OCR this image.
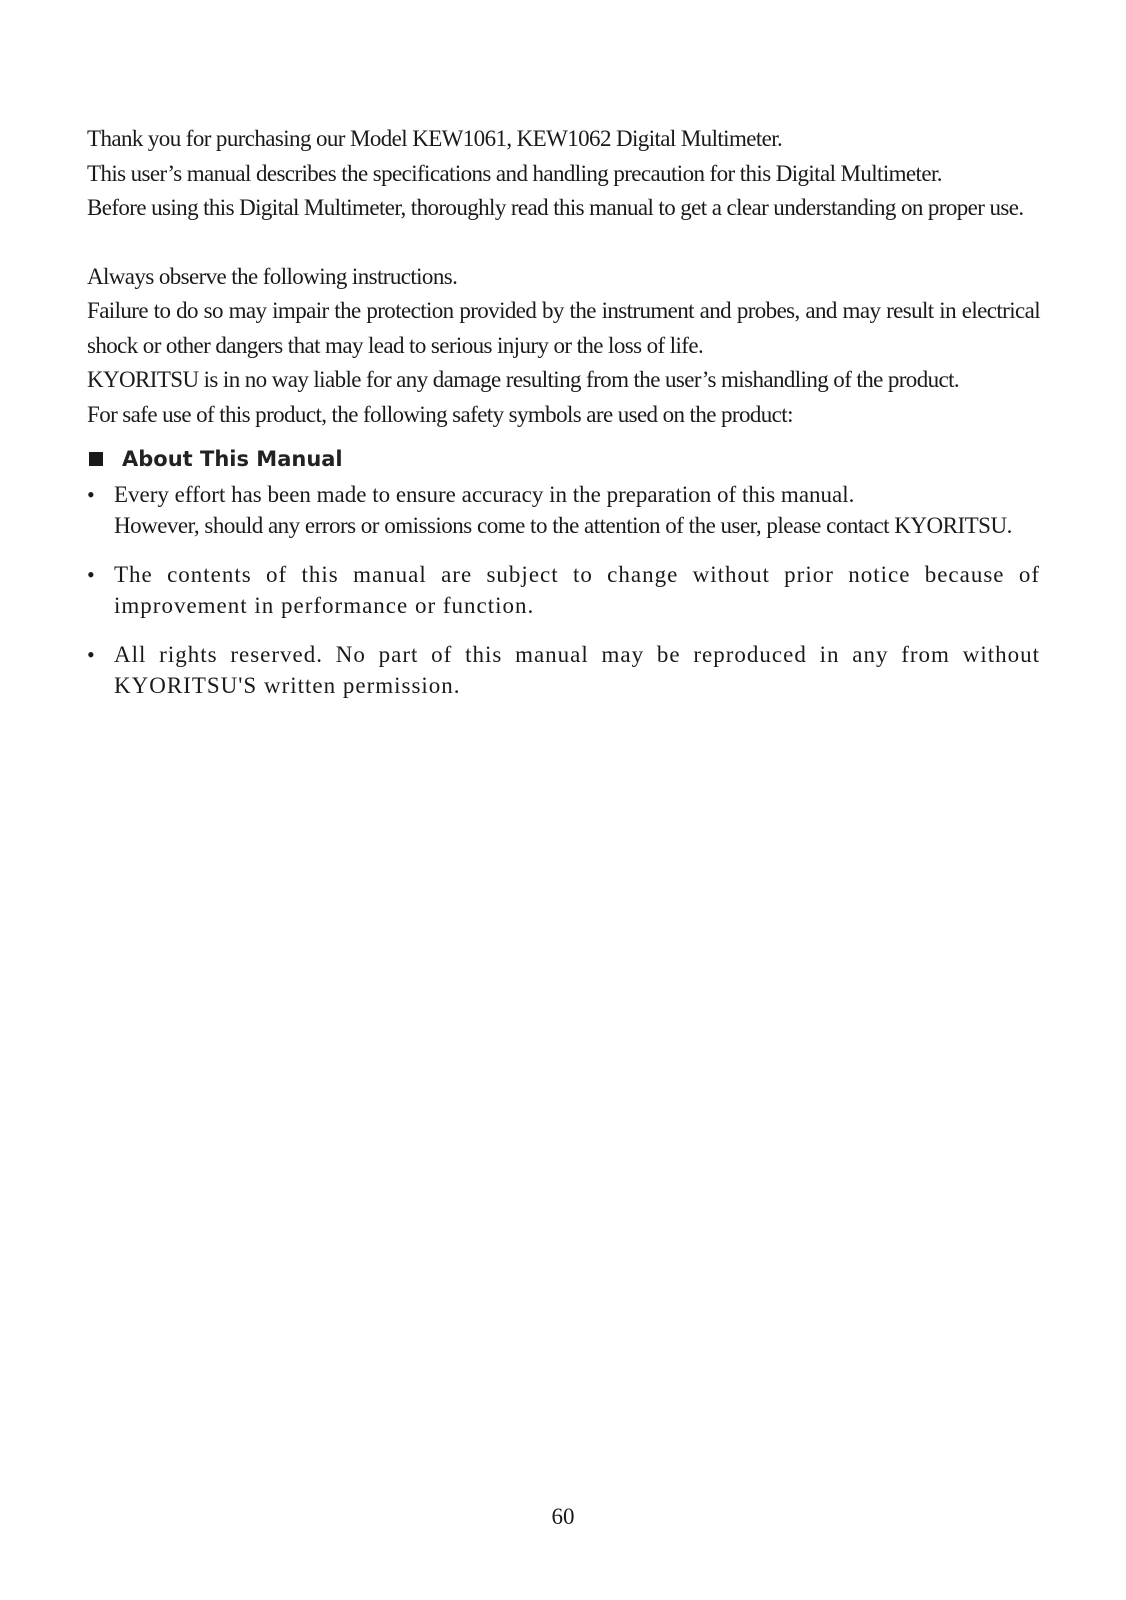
Thank you for purchasing our Model KEW1061, KEW1062 Digital Multimeter.

This user’s manual describes the specifications and handling precaution for this Digital Multimeter.

Before using this Digital Multimeter, thoroughly read this manual to get a clear understanding on proper use.

Always observe the following instructions.

Failure to do so may impair the protection provided by the instrument and probes, and may result in electrical shock or other dangers that may lead to serious injury or the loss of life.

KYORITSU is in no way liable for any damage resulting from the user’s mishandling of the product.

For safe use of this product, the following safety symbols are used on the product:

About This Manual
• Every effort has been made to ensure accuracy in the preparation of this manual.
However, should any errors or omissions come to the attention of the user, please contact KYORITSU.
• The contents of this manual are subject to change without prior notice because of improvement in performance or function.
• All rights reserved. No part of this manual may be reproduced in any from without KYORITSU'S written permission.
60
